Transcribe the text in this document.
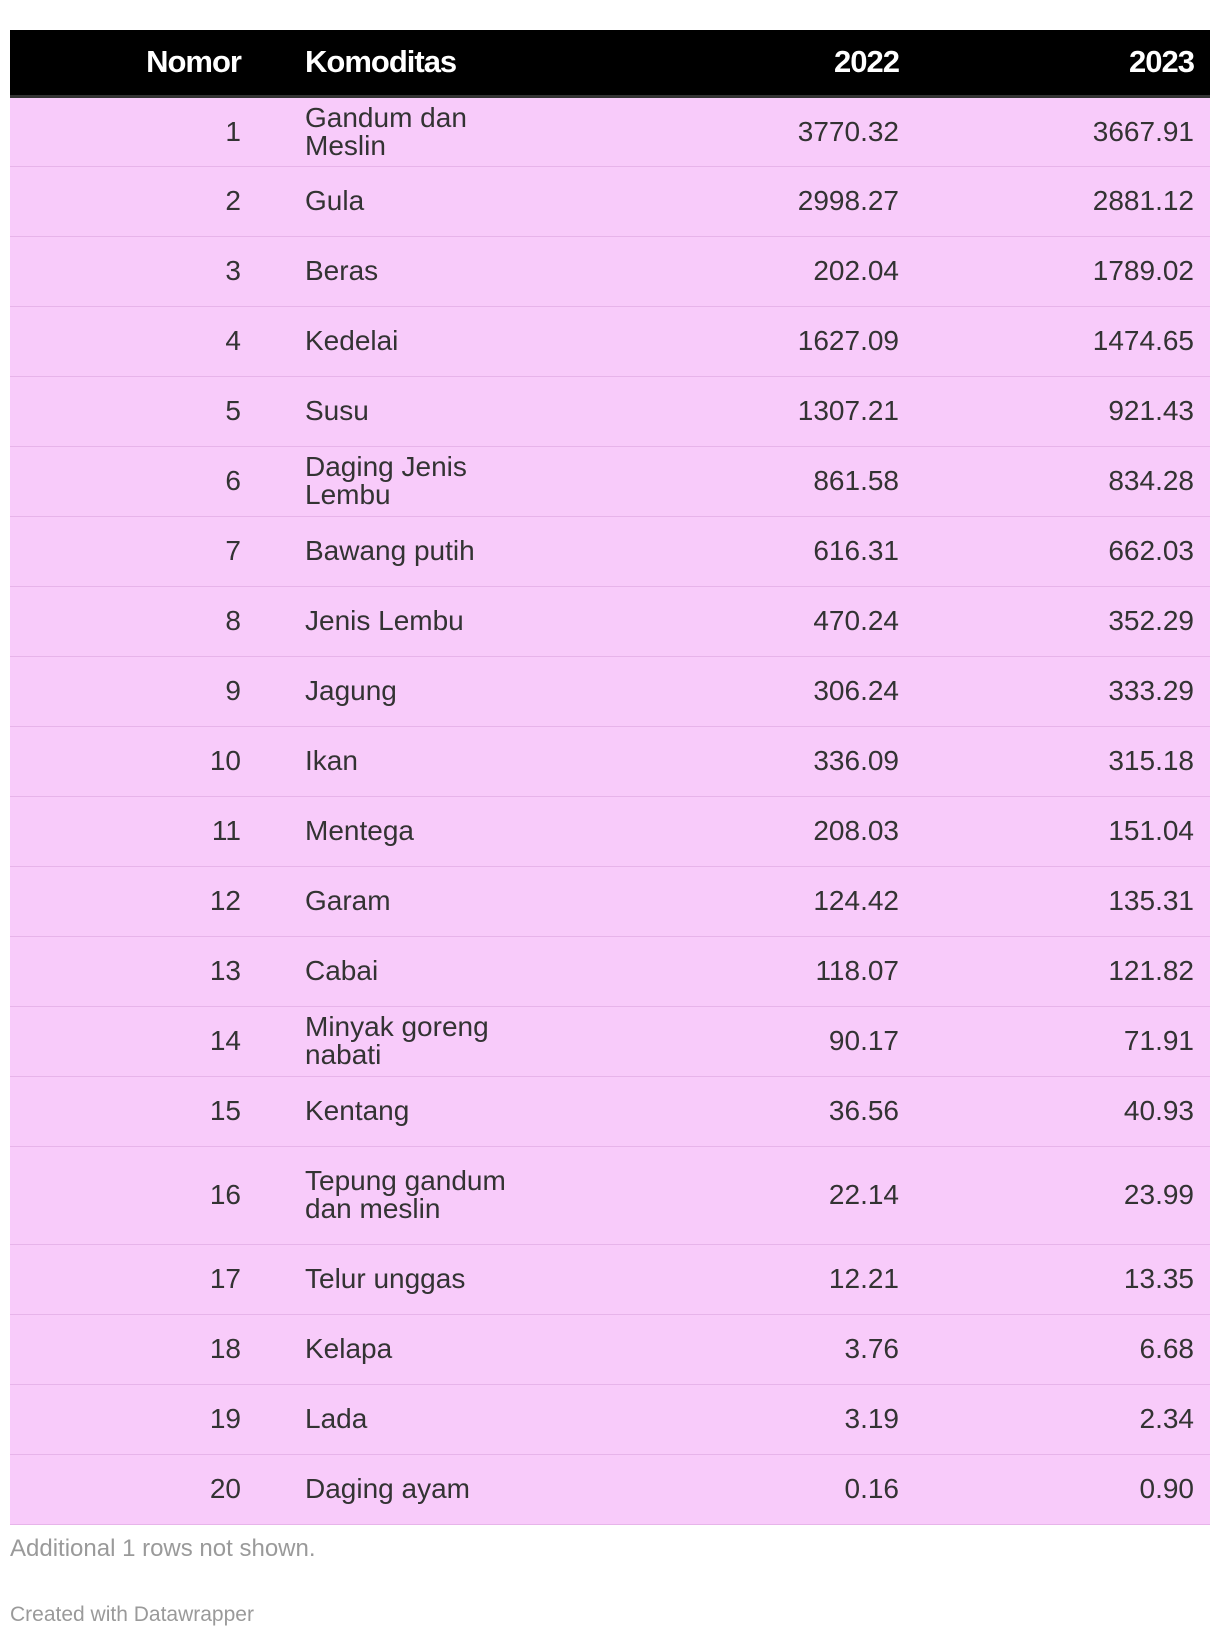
Nomor	Komoditas	2022	2023
1	Gandum dan Meslin	3770.32	3667.91
2	Gula	2998.27	2881.12
3	Beras	202.04	1789.02
4	Kedelai	1627.09	1474.65
5	Susu	1307.21	921.43
6	Daging Jenis Lembu	861.58	834.28
7	Bawang putih	616.31	662.03
8	Jenis Lembu	470.24	352.29
9	Jagung	306.24	333.29
10	Ikan	336.09	315.18
11	Mentega	208.03	151.04
12	Garam	124.42	135.31
13	Cabai	118.07	121.82
14	Minyak goreng nabati	90.17	71.91
15	Kentang	36.56	40.93
16	Tepung gandum dan meslin	22.14	23.99
17	Telur unggas	12.21	13.35
18	Kelapa	3.76	6.68
19	Lada	3.19	2.34
20	Daging ayam	0.16	0.90
Additional 1 rows not shown.
Created with Datawrapper
